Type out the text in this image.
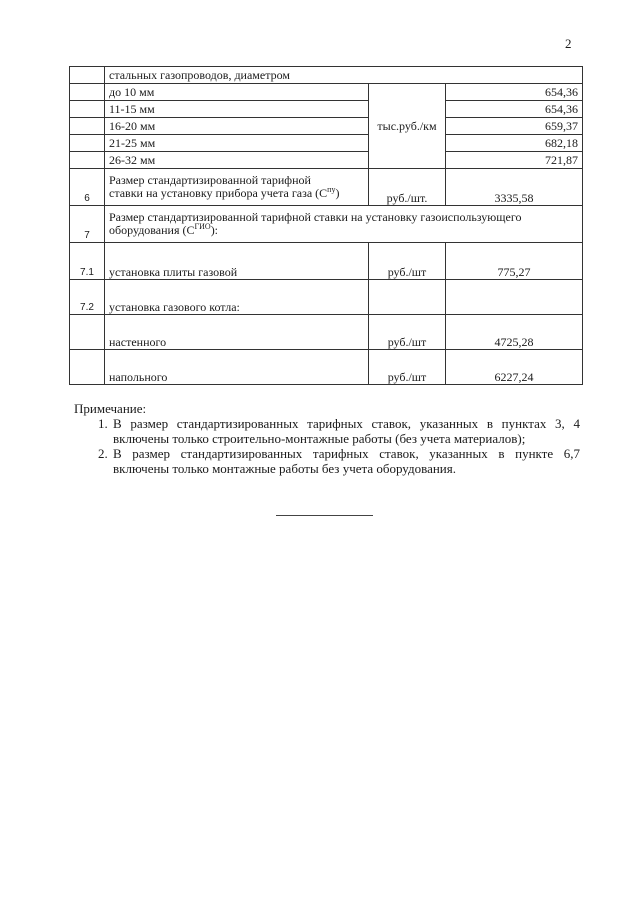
2
	стальных газопроводов, диаметром		
	до 10 мм	тыс.руб./км	654,36
	11-15 мм		654,36
	16-20 мм		659,37
	21-25 мм		682,18
	26-32 мм		721,87
6	Размер стандартизированной тарифной
ставки на установку прибора учета газа $(С^{пу})$	руб./шт.	3335,58
7	Размер стандартизированной тарифной ставки на установку газоиспользующего
оборудования $(С^{ГИО})$:		
7.1	установка плиты газовой	руб./шт	775,27
7.2	установка газового котла:		
	настенного	руб./шт	4725,28
	напольного	руб./шт	6227,24

Примечание:

1. В размер стандартизированных тарифных ставок, указанных в пунктах 3, 4 включены только строительно-монтажные работы (без учета материалов);
2. В размер стандартизированных тарифных ставок, указанных в пункте 6,7 включены только монтажные работы без учета оборудования.
